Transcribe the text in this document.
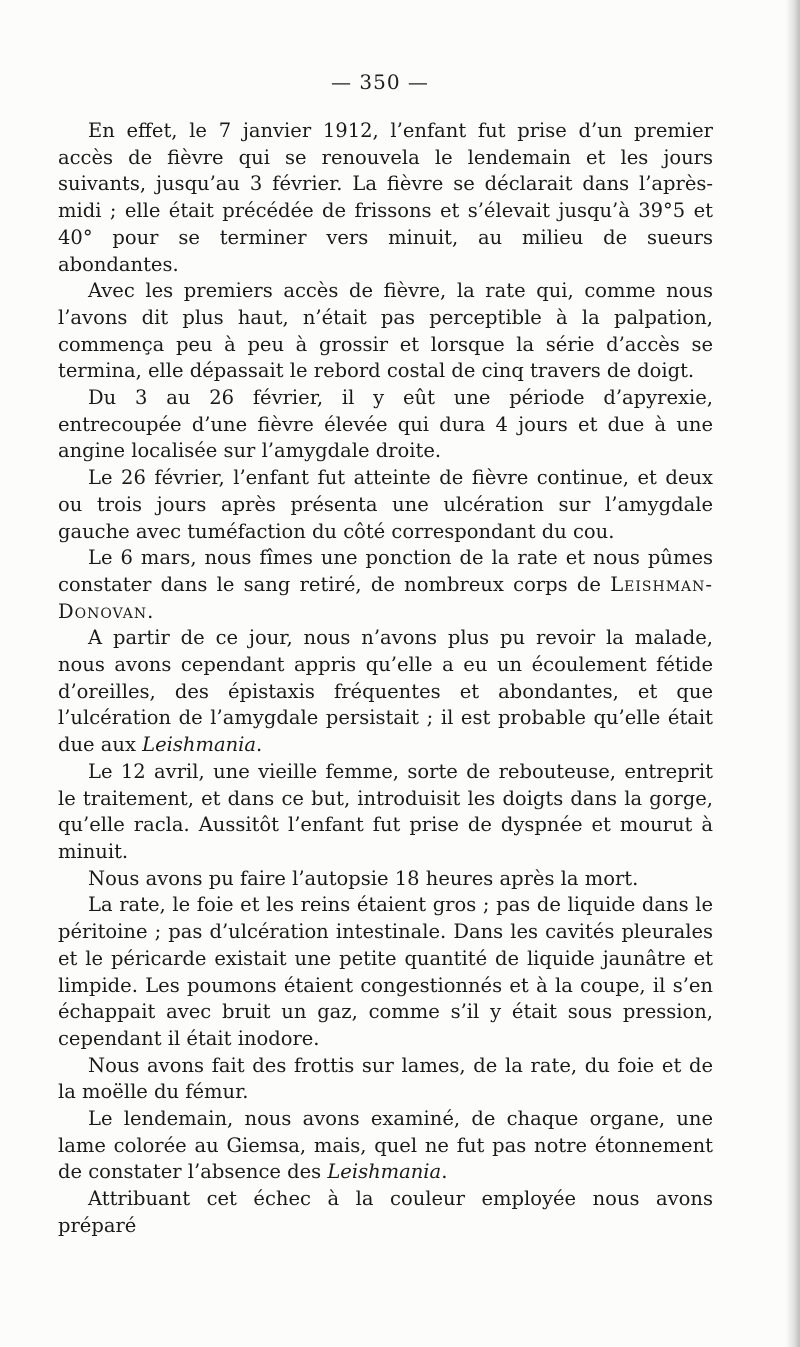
— 350 —

En effet, le 7 janvier 1912, l’enfant fut prise d’un premier accès de fièvre qui se renouvela le lendemain et les jours suivants, jusqu’au 3 février. La fièvre se déclarait dans l’après-midi ; elle était précédée de frissons et s’élevait jusqu’à 39°5 et 40° pour se terminer vers minuit, au milieu de sueurs abondantes.

Avec les premiers accès de fièvre, la rate qui, comme nous l’avons dit plus haut, n’était pas perceptible à la palpation, commença peu à peu à grossir et lorsque la série d’accès se termina, elle dépassait le rebord costal de cinq travers de doigt.

Du 3 au 26 février, il y eût une période d’apyrexie, entrecoupée d’une fièvre élevée qui dura 4 jours et due à une angine localisée sur l’amygdale droite.

Le 26 février, l’enfant fut atteinte de fièvre continue, et deux ou trois jours après présenta une ulcération sur l’amygdale gauche avec tuméfaction du côté correspondant du cou.

Le 6 mars, nous fîmes une ponction de la rate et nous pûmes constater dans le sang retiré, de nombreux corps de Leishman-Donovan.

A partir de ce jour, nous n’avons plus pu revoir la malade, nous avons cependant appris qu’elle a eu un écoulement fétide d’oreilles, des épistaxis fréquentes et abondantes, et que l’ulcération de l’amygdale persistait ; il est probable qu’elle était due aux Leishmania.

Le 12 avril, une vieille femme, sorte de rebouteuse, entreprit le traitement, et dans ce but, introduisit les doigts dans la gorge, qu’elle racla. Aussitôt l’enfant fut prise de dyspnée et mourut à minuit.

Nous avons pu faire l’autopsie 18 heures après la mort.

La rate, le foie et les reins étaient gros ; pas de liquide dans le péritoine ; pas d’ulcération intestinale. Dans les cavités pleurales et le péricarde existait une petite quantité de liquide jaunâtre et limpide. Les poumons étaient congestionnés et à la coupe, il s’en échappait avec bruit un gaz, comme s’il y était sous pression, cependant il était inodore.

Nous avons fait des frottis sur lames, de la rate, du foie et de la moëlle du fémur.

Le lendemain, nous avons examiné, de chaque organe, une lame colorée au Giemsa, mais, quel ne fut pas notre étonnement de constater l’absence des Leishmania.

Attribuant cet échec à la couleur employée nous avons préparé
